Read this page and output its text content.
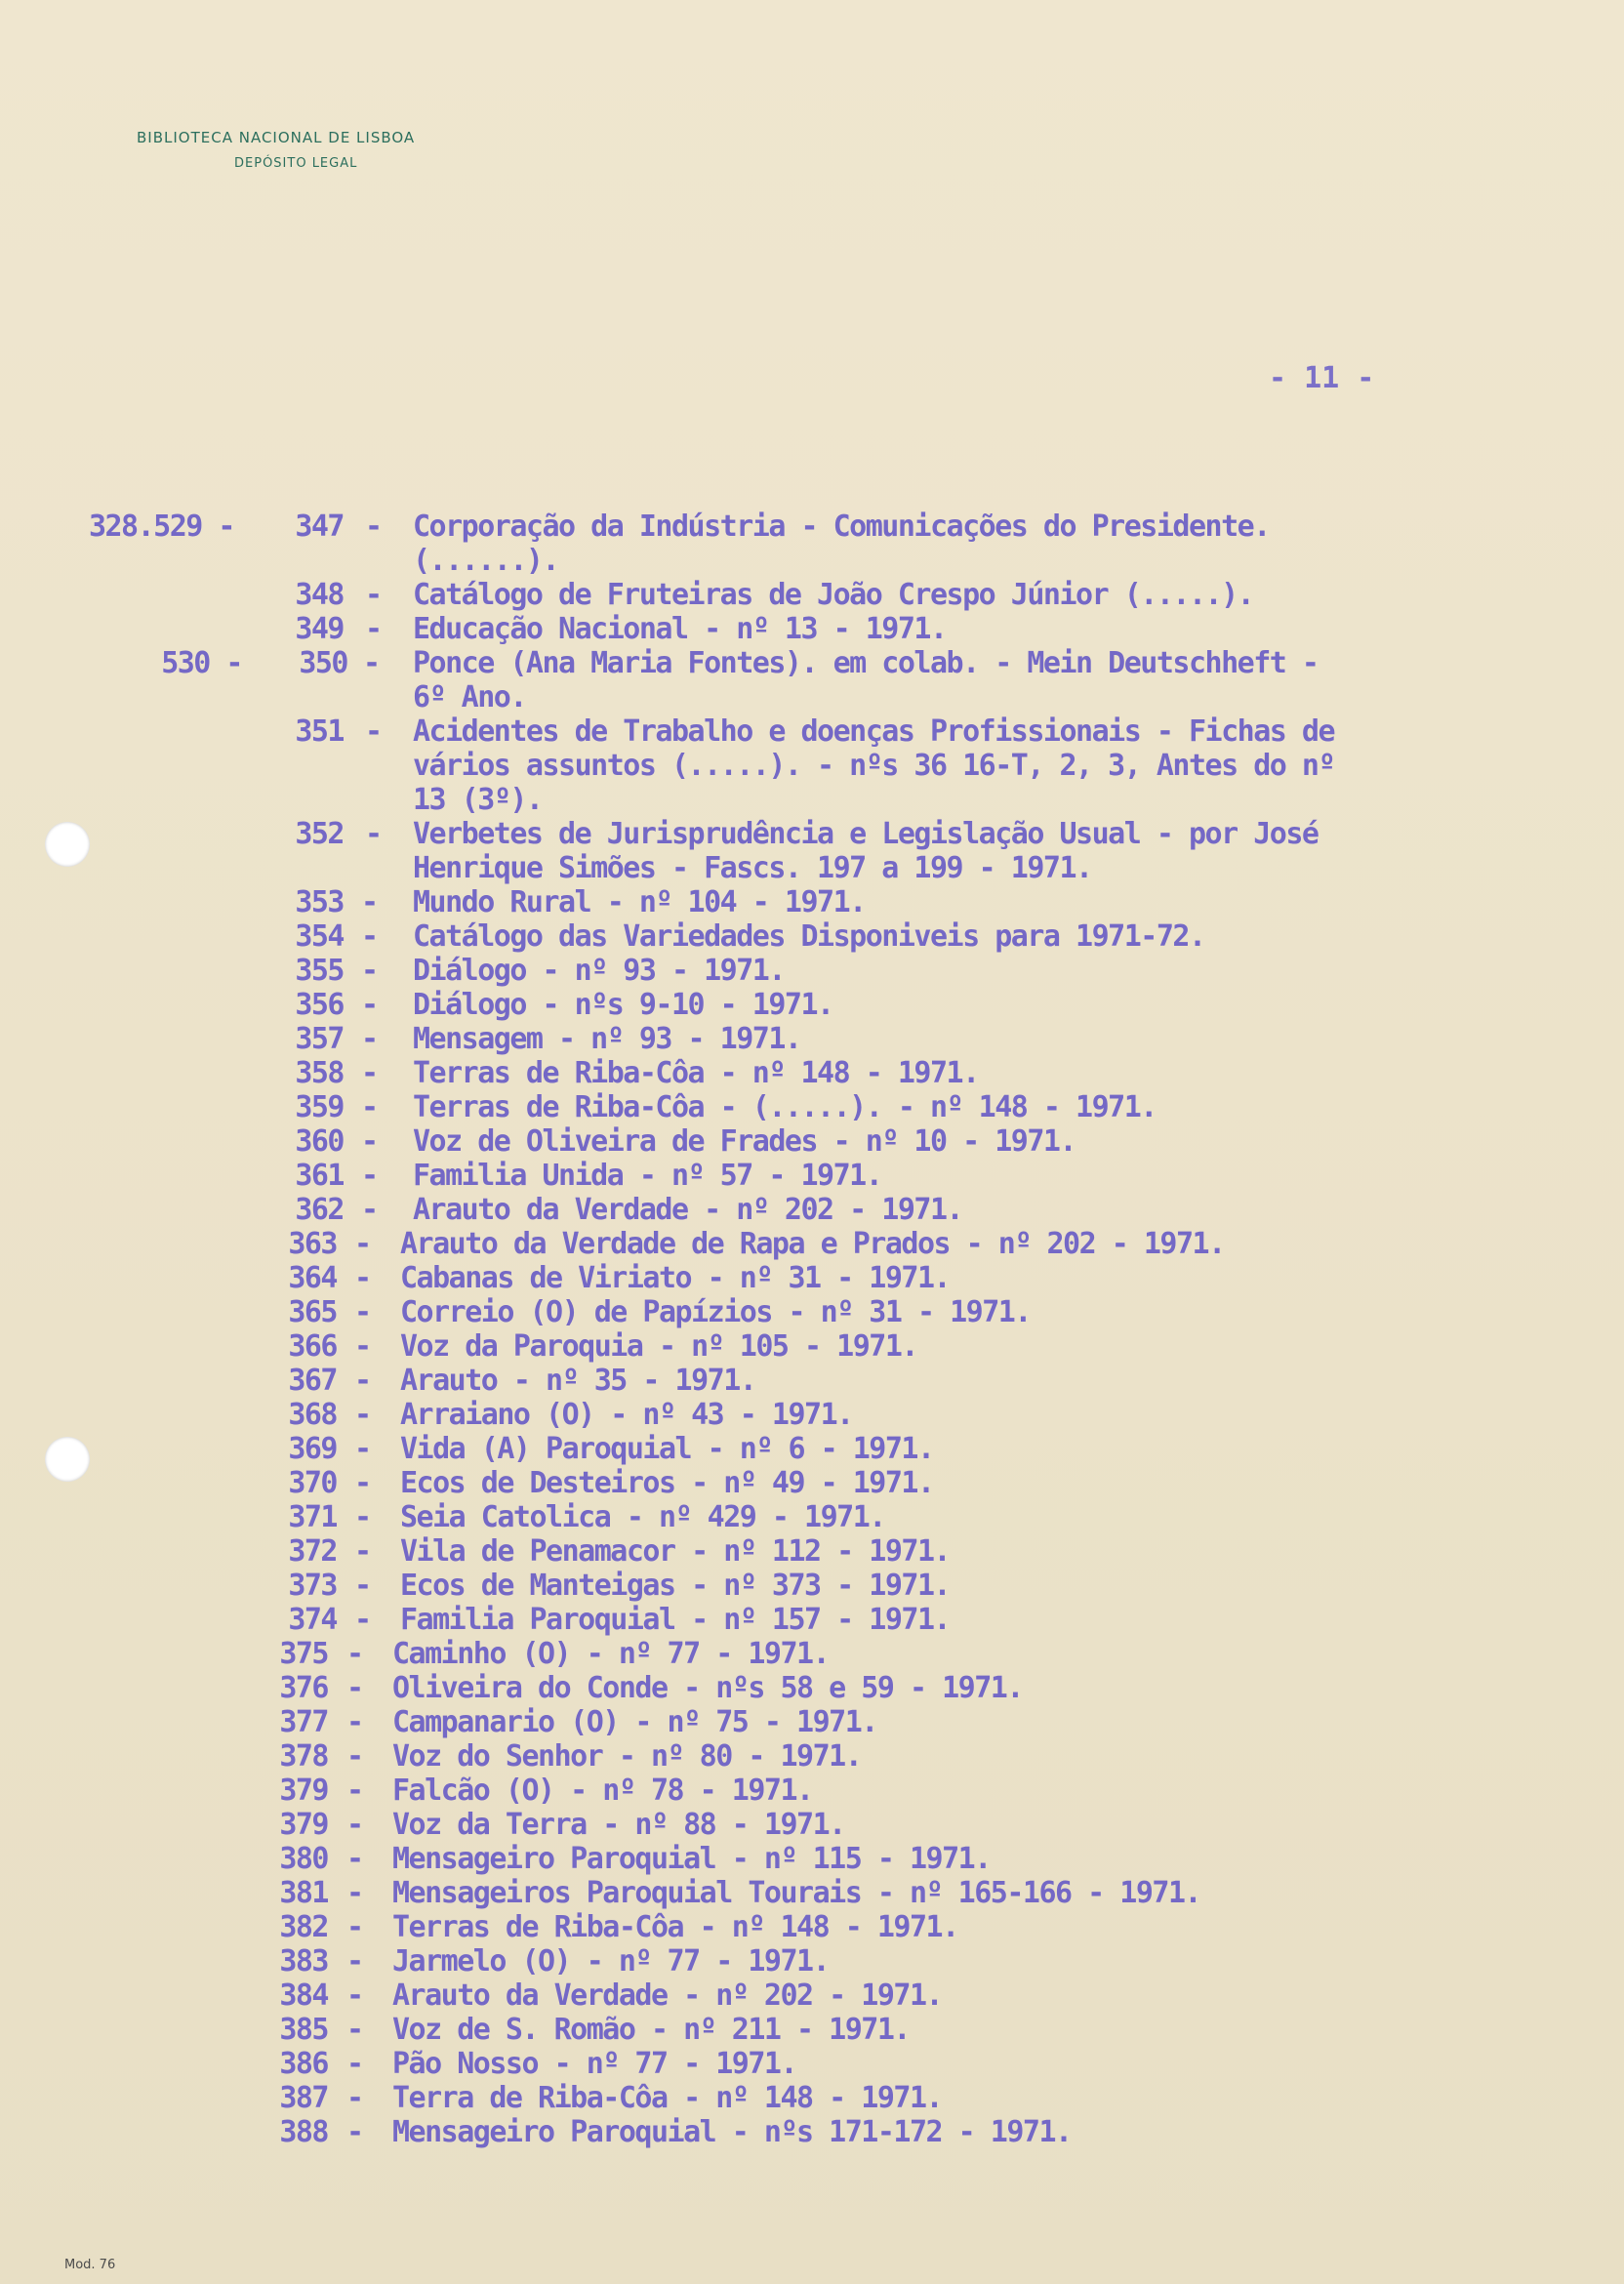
BIBLIOTECA NACIONAL DE LISBOA
DEPÓSITO LEGAL
- 11 -
328.529 -	347 - Corporação da Indústria - Comunicações do Presidente.
(......).
348 - Catálogo de Fruteiras de João Crespo Júnior (.....).
349 - Educação Nacional - nº 13 - 1971.
530 -	350 - Ponce (Ana Maria Fontes). em colab. - Mein Deutschheft -
6º Ano.
351 - Acidentes de Trabalho e doenças Profissionais - Fichas de
vários assuntos (.....). - nºs 36 16-T, 2, 3, Antes do nº
13 (3º).
352 - Verbetes de Jurisprudência e Legislação Usual - por José
Henrique Simões - Fascs. 197 a 199 - 1971.
353 - Mundo Rural - nº 104 - 1971.
354 - Catálogo das Variedades Disponiveis para 1971-72.
355 - Diálogo - nº 93 - 1971.
356 - Diálogo - nºs 9-10 - 1971.
357 - Mensagem - nº 93 - 1971.
358 - Terras de Riba-Côa - nº 148 - 1971.
359 - Terras de Riba-Côa - (.....). - nº 148 - 1971.
360 - Voz de Oliveira de Frades - nº 10 - 1971.
361 - Familia Unida - nº 57 - 1971.
362 - Arauto da Verdade - nº 202 - 1971.
363 - Arauto da Verdade de Rapa e Prados - nº 202 - 1971.
364 - Cabanas de Viriato - nº 31 - 1971.
365 - Correio (O) de Papízios - nº 31 - 1971.
366 - Voz da Paroquia - nº 105 - 1971.
367 - Arauto - nº 35 - 1971.
368 - Arraiano (O) - nº 43 - 1971.
369 - Vida (A) Paroquial - nº 6 - 1971.
370 - Ecos de Desteiros - nº 49 - 1971.
371 - Seia Catolica - nº 429 - 1971.
372 - Vila de Penamacor - nº 112 - 1971.
373 - Ecos de Manteigas - nº 373 - 1971.
374 - Familia Paroquial - nº 157 - 1971.
375 - Caminho (O) - nº 77 - 1971.
376 - Oliveira do Conde - nºs 58 e 59 - 1971.
377 - Campanario (O) - nº 75 - 1971.
378 - Voz do Senhor - nº 80 - 1971.
379 - Falcão (O) - nº 78 - 1971.
379 - Voz da Terra - nº 88 - 1971.
380 - Mensageiro Paroquial - nº 115 - 1971.
381 - Mensageiros Paroquial Tourais - nº 165-166 - 1971.
382 - Terras de Riba-Côa - nº 148 - 1971.
383 - Jarmelo (O) - nº 77 - 1971.
384 - Arauto da Verdade - nº 202 - 1971.
385 - Voz de S. Romão - nº 211 - 1971.
386 - Pão Nosso - nº 77 - 1971.
387 - Terra de Riba-Côa - nº 148 - 1971.
388 - Mensageiro Paroquial - nºs 171-172 - 1971.
Mod. 76
